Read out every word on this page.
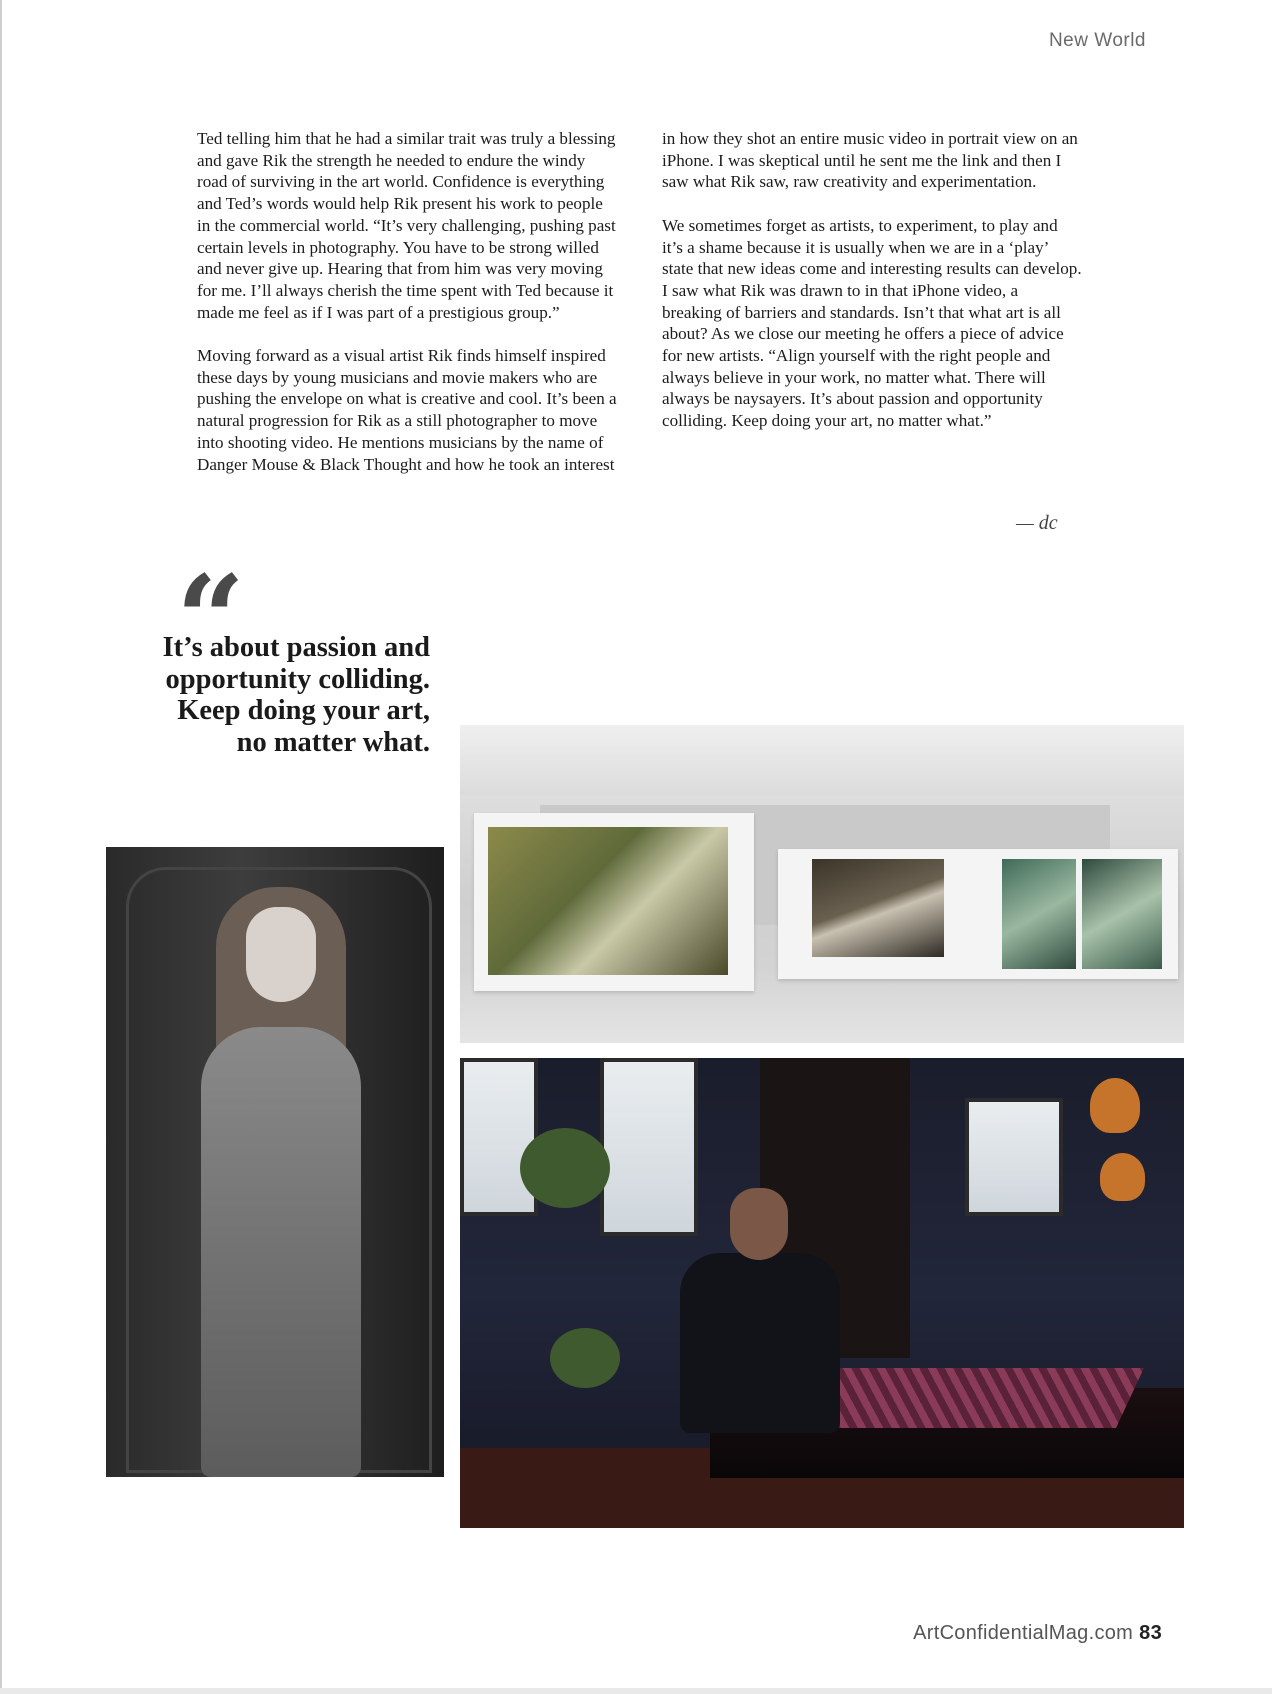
New World

Ted telling him that he had a similar trait was truly a blessing and gave Rik the strength he needed to endure the windy road of surviving in the art world. Confidence is everything and Ted’s words would help Rik present his work to people in the commercial world. “It’s very challenging, pushing past certain levels in photography. You have to be strong willed and never give up. Hearing that from him was very moving for me. I’ll always cherish the time spent with Ted because it made me feel as if I was part of a prestigious group.”

Moving forward as a visual artist Rik finds himself inspired these days by young musicians and movie makers who are pushing the envelope on what is creative and cool. It’s been a natural progression for Rik as a still photographer to move into shooting video. He mentions musicians by the name of Danger Mouse & Black Thought and how he took an interest

in how they shot an entire music video in portrait view on an iPhone. I was skeptical until he sent me the link and then I saw what Rik saw, raw creativity and experimentation.

We sometimes forget as artists, to experiment, to play and it’s a shame because it is usually when we are in a ‘play’ state that new ideas come and interesting results can develop. I saw what Rik was drawn to in that iPhone video, a breaking of barriers and standards. Isn’t that what art is all about? As we close our meeting he offers a piece of advice for new artists. “Align yourself with the right people and always believe in your work, no matter what. There will always be naysayers. It’s about passion and opportunity colliding. Keep doing your art, no matter what.”

— dc
“
It’s about passion and opportunity colliding. Keep doing your art, no matter what.
ArtConfidentialMag.com 83
